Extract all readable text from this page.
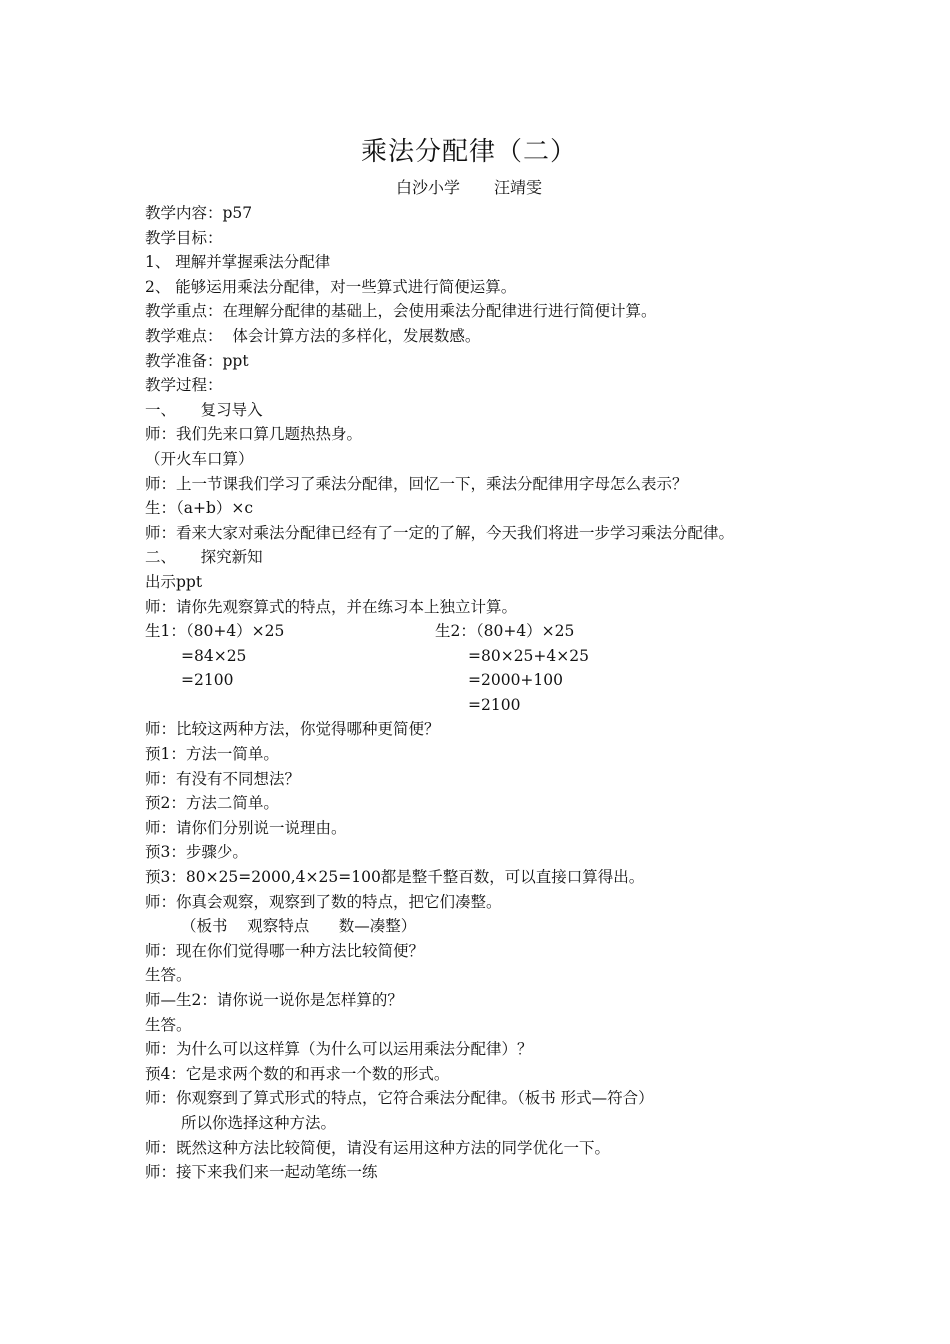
乘法分配律（二）
白沙小学 汪靖雯
教学内容：p57
教学目标：
1、 理解并掌握乘法分配律
2、 能够运用乘法分配律，对一些算式进行简便运算。
教学重点：在理解分配律的基础上，会使用乘法分配律进行进行简便计算。
教学难点：  体会计算方法的多样化，发展数感。
教学准备：ppt
教学过程：
一、     复习导入
师：我们先来口算几题热热身。
（开火车口算）
师：上一节课我们学习了乘法分配律，回忆一下，乘法分配律用字母怎么表示？
生：（a+b）×c
师：看来大家对乘法分配律已经有了一定的了解，今天我们将进一步学习乘法分配律。
二、     探究新知
出示ppt
师：请你先观察算式的特点，并在练习本上独立计算。
生1：（80+4）×25
=84×25
=2100
生2：（80+4）×25
=80×25+4×25
=2000+100
=2100
师：比较这两种方法，你觉得哪种更简便？
预1：方法一简单。
师：有没有不同想法？
预2：方法二简单。
师：请你们分别说一说理由。
预3：步骤少。
预3：80×25=2000,4×25=100都是整千整百数，可以直接口算得出。
师：你真会观察，观察到了数的特点，把它们凑整。
（板书    观察特点      数—凑整）
师：现在你们觉得哪一种方法比较简便？
生答。
师—生2：请你说一说你是怎样算的？
生答。
师：为什么可以这样算（为什么可以运用乘法分配律）？
预4：它是求两个数的和再求一个数的形式。
师：你观察到了算式形式的特点，它符合乘法分配律。（板书 形式—符合）
所以你选择这种方法。
师：既然这种方法比较简便，请没有运用这种方法的同学优化一下。
师：接下来我们来一起动笔练一练
